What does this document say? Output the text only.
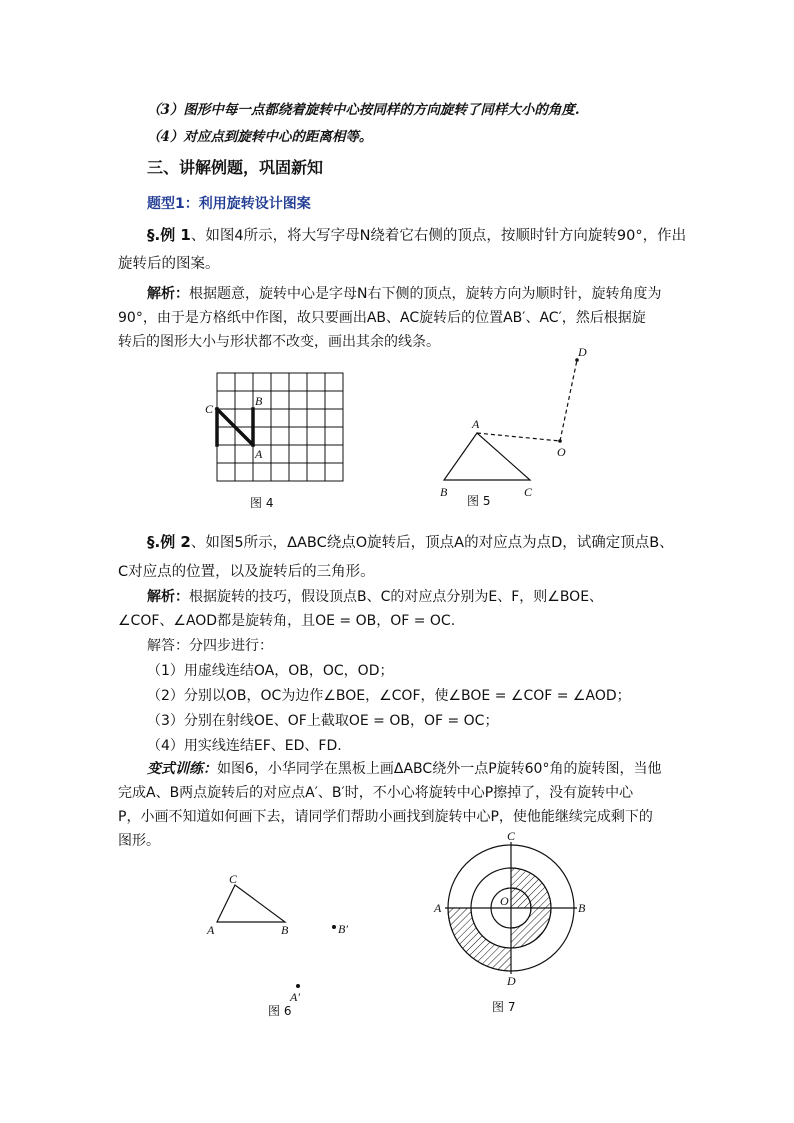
（3）图形中每一点都绕着旋转中心按同样的方向旋转了同样大小的角度.
（4）对应点到旋转中心的距离相等。
三、讲解例题，巩固新知
题型1：利用旋转设计图案
§.例 1、如图4所示，将大写字母N绕着它右侧的顶点，按顺时针方向旋转90°，作出
旋转后的图案。
解析：根据题意，旋转中心是字母N右下侧的顶点，旋转方向为顺时针，旋转角度为
90°，由于是方格纸中作图，故只要画出AB、AC旋转后的位置AB′、AC′，然后根据旋
转后的图形大小与形状都不改变，画出其余的线条。
C
B
A
图 4
A
B	C
O
D
图 5
§.例 2、如图5所示，ΔABC绕点O旋转后，顶点A的对应点为点D，试确定顶点B、
C对应点的位置，以及旋转后的三角形。
解析：根据旋转的技巧，假设顶点B、C的对应点分别为E、F，则∠BOE、
∠COF、∠AOD都是旋转角，且OE = OB，OF = OC.
解答：分四步进行：
（1）用虚线连结OA，OB，OC，OD；
（2）分别以OB，OC为边作∠BOE，∠COF，使∠BOE = ∠COF = ∠AOD；
（3）分别在射线OE、OF上截取OE = OB，OF = OC；
（4）用实线连结EF、ED、FD.
变式训练：如图6，小华同学在黑板上画ΔABC绕外一点P旋转60°角的旋转图，当他
完成A、B两点旋转后的对应点A′、B′时，不小心将旋转中心P擦掉了，没有旋转中心
P，小画不知道如何画下去，请同学们帮助小画找到旋转中心P，使他能继续完成剩下的
图形。
C
A	B	B′
A′
图 6
C
A	B
O
D
图 7
